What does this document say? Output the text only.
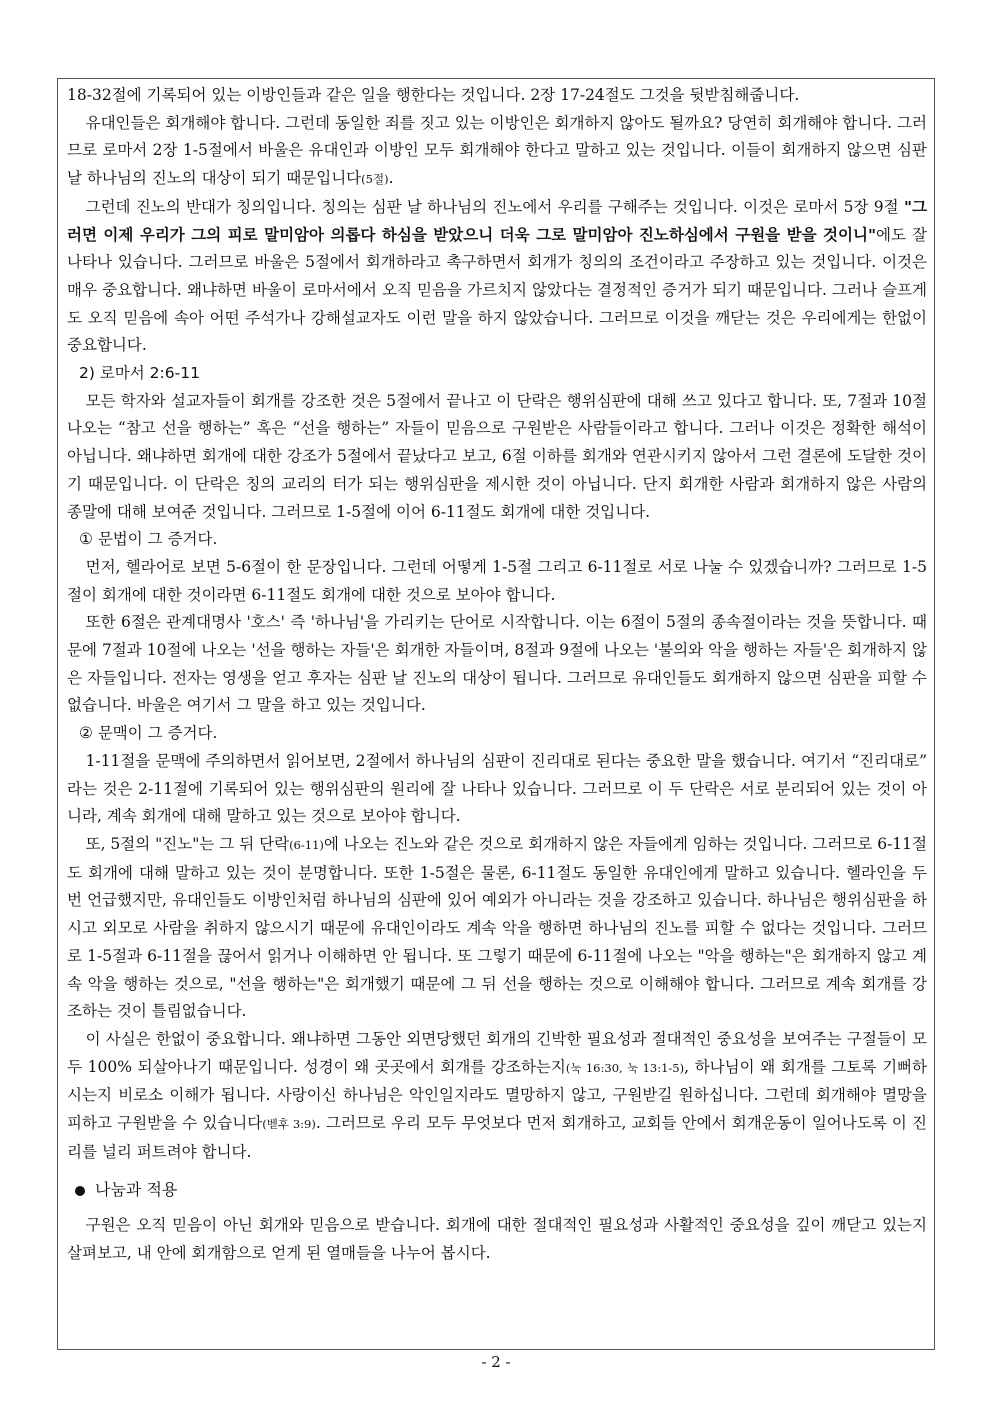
18-32절에 기록되어 있는 이방인들과 같은 일을 행한다는 것입니다. 2장 17-24절도 그것을 뒷받침해줍니다.

유대인들은 회개해야 합니다. 그런데 동일한 죄를 짓고 있는 이방인은 회개하지 않아도 될까요? 당연히 회개해야 합니다. 그러므로 로마서 2장 1-5절에서 바울은 유대인과 이방인 모두 회개해야 한다고 말하고 있는 것입니다. 이들이 회개하지 않으면 심판 날 하나님의 진노의 대상이 되기 때문입니다(5절).

그런데 진노의 반대가 칭의입니다. 칭의는 심판 날 하나님의 진노에서 우리를 구해주는 것입니다. 이것은 로마서 5장 9절 "그러면 이제 우리가 그의 피로 말미암아 의롭다 하심을 받았으니 더욱 그로 말미암아 진노하심에서 구원을 받을 것이니"에도 잘 나타나 있습니다. 그러므로 바울은 5절에서 회개하라고 촉구하면서 회개가 칭의의 조건이라고 주장하고 있는 것입니다. 이것은 매우 중요합니다. 왜냐하면 바울이 로마서에서 오직 믿음을 가르치지 않았다는 결정적인 증거가 되기 때문입니다. 그러나 슬프게도 오직 믿음에 속아 어떤 주석가나 강해설교자도 이런 말을 하지 않았습니다. 그러므로 이것을 깨닫는 것은 우리에게는 한없이 중요합니다.

2) 로마서 2:6-11

모든 학자와 설교자들이 회개를 강조한 것은 5절에서 끝나고 이 단락은 행위심판에 대해 쓰고 있다고 합니다. 또, 7절과 10절 나오는 “참고 선을 행하는” 혹은 “선을 행하는” 자들이 믿음으로 구원받은 사람들이라고 합니다. 그러나 이것은 정확한 해석이 아닙니다. 왜냐하면 회개에 대한 강조가 5절에서 끝났다고 보고, 6절 이하를 회개와 연관시키지 않아서 그런 결론에 도달한 것이기 때문입니다. 이 단락은 칭의 교리의 터가 되는 행위심판을 제시한 것이 아닙니다. 단지 회개한 사람과 회개하지 않은 사람의 종말에 대해 보여준 것입니다. 그러므로 1-5절에 이어 6-11절도 회개에 대한 것입니다.

① 문법이 그 증거다.

먼저, 헬라어로 보면 5-6절이 한 문장입니다. 그런데 어떻게 1-5절 그리고 6-11절로 서로 나눌 수 있겠습니까? 그러므로 1-5절이 회개에 대한 것이라면 6-11절도 회개에 대한 것으로 보아야 합니다.

또한 6절은 관계대명사 '호스' 즉 '하나님'을 가리키는 단어로 시작합니다. 이는 6절이 5절의 종속절이라는 것을 뜻합니다. 때문에 7절과 10절에 나오는 '선을 행하는 자들'은 회개한 자들이며, 8절과 9절에 나오는 '불의와 악을 행하는 자들'은 회개하지 않은 자들입니다. 전자는 영생을 얻고 후자는 심판 날 진노의 대상이 됩니다. 그러므로 유대인들도 회개하지 않으면 심판을 피할 수 없습니다. 바울은 여기서 그 말을 하고 있는 것입니다.

② 문맥이 그 증거다.

1-11절을 문맥에 주의하면서 읽어보면, 2절에서 하나님의 심판이 진리대로 된다는 중요한 말을 했습니다. 여기서 “진리대로” 라는 것은 2-11절에 기록되어 있는 행위심판의 원리에 잘 나타나 있습니다. 그러므로 이 두 단락은 서로 분리되어 있는 것이 아니라, 계속 회개에 대해 말하고 있는 것으로 보아야 합니다.

또, 5절의 "진노"는 그 뒤 단락(6-11)에 나오는 진노와 같은 것으로 회개하지 않은 자들에게 임하는 것입니다. 그러므로 6-11절도 회개에 대해 말하고 있는 것이 분명합니다. 또한 1-5절은 물론, 6-11절도 동일한 유대인에게 말하고 있습니다. 헬라인을 두 번 언급했지만, 유대인들도 이방인처럼 하나님의 심판에 있어 예외가 아니라는 것을 강조하고 있습니다. 하나님은 행위심판을 하시고 외모로 사람을 취하지 않으시기 때문에 유대인이라도 계속 악을 행하면 하나님의 진노를 피할 수 없다는 것입니다. 그러므로 1-5절과 6-11절을 끊어서 읽거나 이해하면 안 됩니다. 또 그렇기 때문에 6-11절에 나오는 "악을 행하는"은 회개하지 않고 계속 악을 행하는 것으로, "선을 행하는"은 회개했기 때문에 그 뒤 선을 행하는 것으로 이해해야 합니다. 그러므로 계속 회개를 강조하는 것이 틀림없습니다.

이 사실은 한없이 중요합니다. 왜냐하면 그동안 외면당했던 회개의 긴박한 필요성과 절대적인 중요성을 보여주는 구절들이 모두 100% 되살아나기 때문입니다. 성경이 왜 곳곳에서 회개를 강조하는지(눅 16:30, 눅 13:1-5), 하나님이 왜 회개를 그토록 기뻐하시는지 비로소 이해가 됩니다. 사랑이신 하나님은 악인일지라도 멸망하지 않고, 구원받길 원하십니다. 그런데 회개해야 멸망을 피하고 구원받을 수 있습니다(벧후 3:9). 그러므로 우리 모두 무엇보다 먼저 회개하고, 교회들 안에서 회개운동이 일어나도록 이 진리를 널리 퍼트려야 합니다.

나눔과 적용

구원은 오직 믿음이 아닌 회개와 믿음으로 받습니다. 회개에 대한 절대적인 필요성과 사활적인 중요성을 깊이 깨닫고 있는지 살펴보고, 내 안에 회개함으로 얻게 된 열매들을 나누어 봅시다.

- 2 -
